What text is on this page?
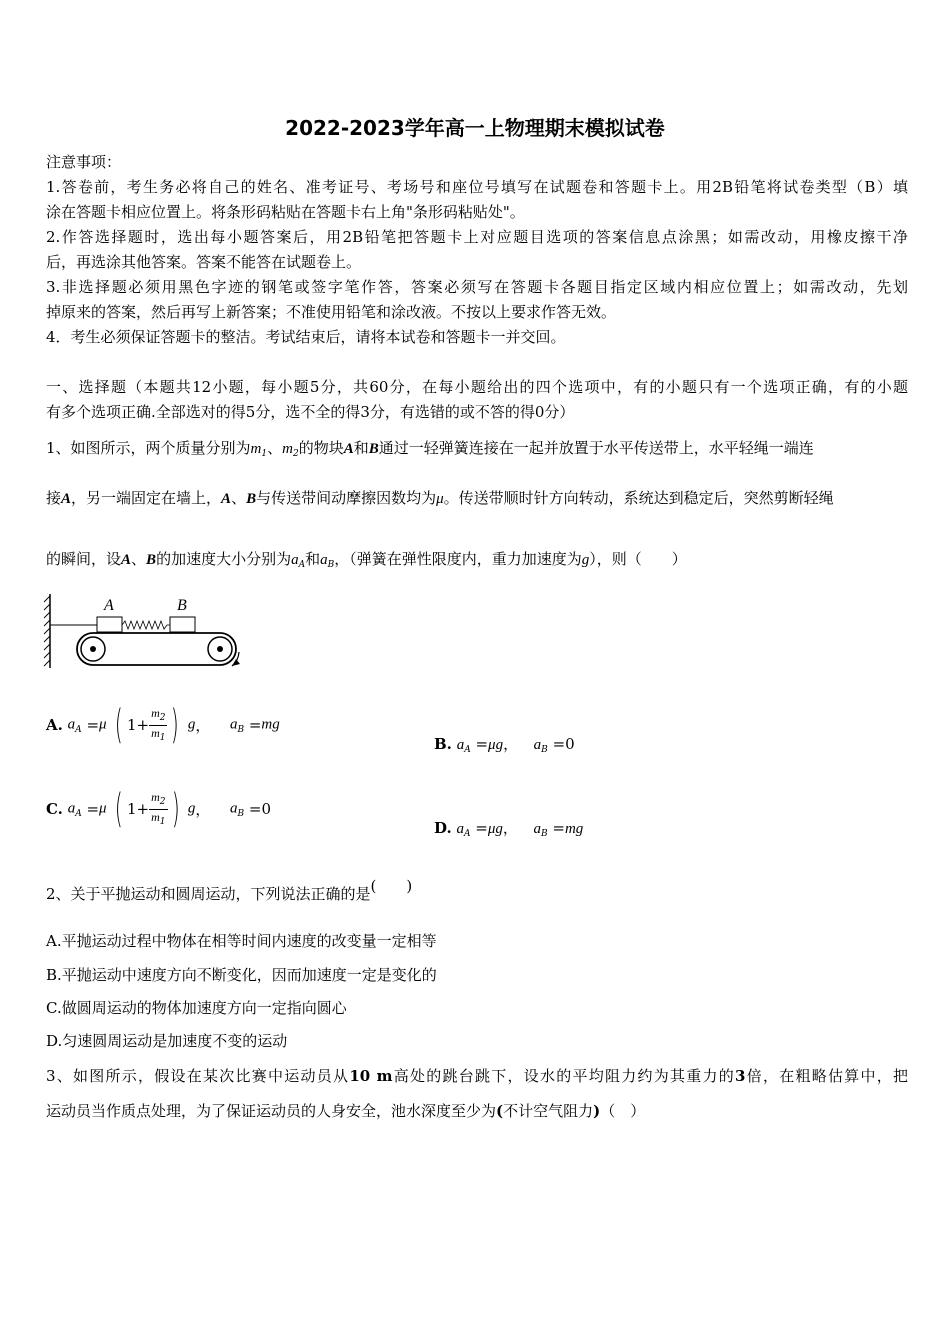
2022-2023学年高一上物理期末模拟试卷
注意事项：
1.答卷前，考生务必将自己的姓名、准考证号、考场号和座位号填写在试题卷和答题卡上。用2B铅笔将试卷类型（B）填
涂在答题卡相应位置上。将条形码粘贴在答题卡右上角"条形码粘贴处"。
2.作答选择题时，选出每小题答案后，用2B铅笔把答题卡上对应题目选项的答案信息点涂黑；如需改动，用橡皮擦干净
后，再选涂其他答案。答案不能答在试题卷上。
3.非选择题必须用黑色字迹的钢笔或签字笔作答，答案必须写在答题卡各题目指定区域内相应位置上；如需改动，先划
掉原来的答案，然后再写上新答案；不准使用铅笔和涂改液。不按以上要求作答无效。
4．考生必须保证答题卡的整洁。考试结束后，请将本试卷和答题卡一并交回。
一、选择题（本题共12小题，每小题5分，共60分，在每小题给出的四个选项中，有的小题只有一个选项正确，有的小题
有多个选项正确.全部选对的得5分，选不全的得3分，有选错的或不答的得0分）
1、如图所示，两个质量分别为$m_1$、$m_2$的物块A和B通过一轻弹簧连接在一起并放置于水平传送带上，水平轻绳一端连
接A，另一端固定在墙上，A、B与传送带间动摩擦因数均为μ。传送带顺时针方向转动，系统达到稳定后，突然剪断轻绳
的瞬间，设A、B的加速度大小分别为$a_A$和$a_B$，（弹簧在弹性限度内，重力加速度为g），则（　　）
A	B
A. $a_A =\mu$ ( $1+ \frac{m_2}{m_1}$ ) g， $a_B =mg$
B. $a_A =\mu g$， $a_B =0$
C. $a_A =\mu$ ( $1+ \frac{m_2}{m_1}$ ) g， $a_B =0$
D. $a_A =\mu g$， $a_B =mg$
2、关于平抛运动和圆周运动，下列说法正确的是(　　)
A.平抛运动过程中物体在相等时间内速度的改变量一定相等
B.平抛运动中速度方向不断变化，因而加速度一定是变化的
C.做圆周运动的物体加速度方向一定指向圆心
D.匀速圆周运动是加速度不变的运动
3、如图所示，假设在某次比赛中运动员从10 m高处的跳台跳下，设水的平均阻力约为其重力的3倍，在粗略估算中，把
运动员当作质点处理，为了保证运动员的人身安全，池水深度至少为(不计空气阻力)（　）
